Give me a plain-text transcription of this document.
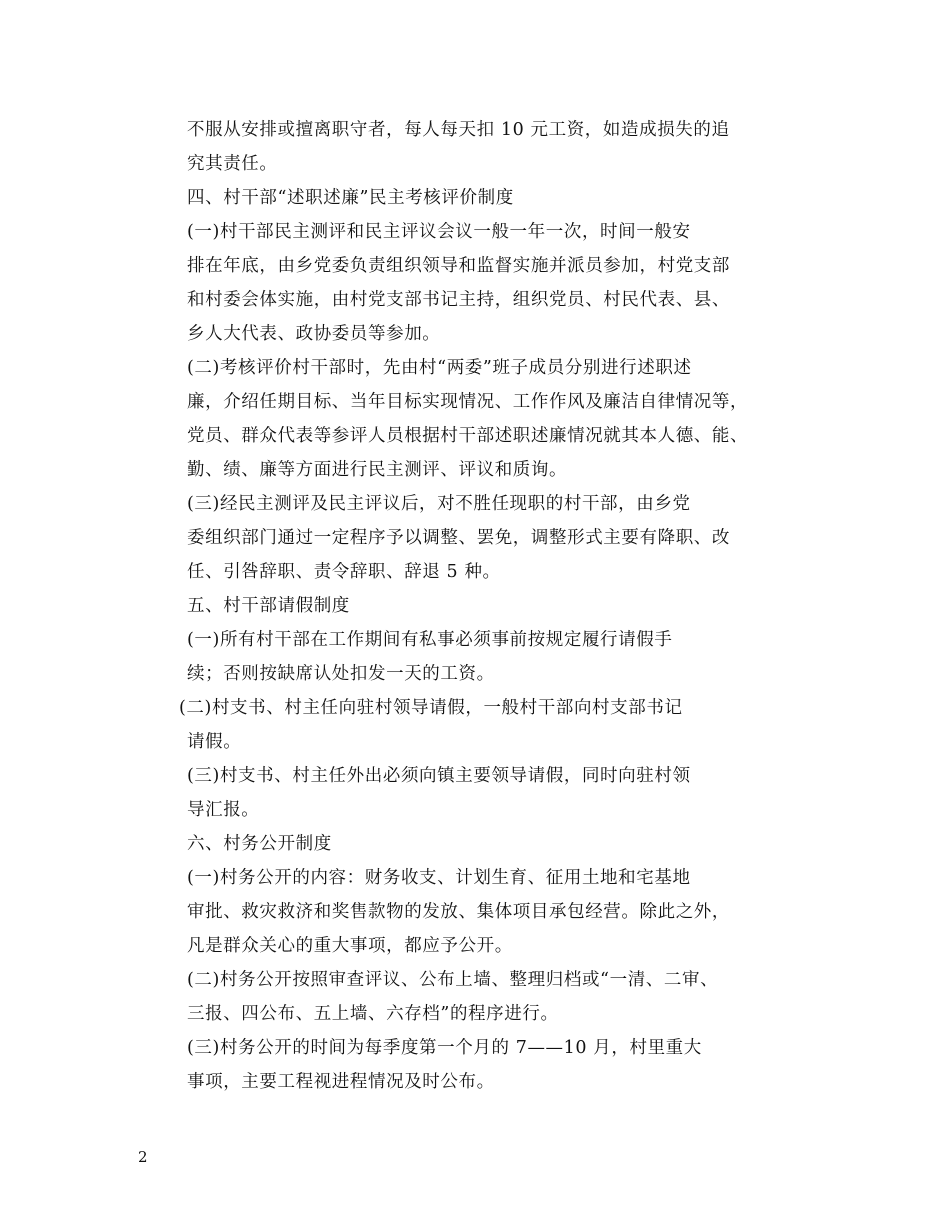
不服从安排或擅离职守者，每人每天扣 10 元工资，如造成损失的追
究其责任。
四、村干部“述职述廉”民主考核评价制度
(一)村干部民主测评和民主评议会议一般一年一次，时间一般安
排在年底，由乡党委负责组织领导和监督实施并派员参加，村党支部
和村委会体实施，由村党支部书记主持，组织党员、村民代表、县、
乡人大代表、政协委员等参加。
(二)考核评价村干部时，先由村“两委”班子成员分别进行述职述
廉，介绍任期目标、当年目标实现情况、工作作风及廉洁自律情况等，
党员、群众代表等参评人员根据村干部述职述廉情况就其本人德、能、
勤、绩、廉等方面进行民主测评、评议和质询。
(三)经民主测评及民主评议后，对不胜任现职的村干部，由乡党
委组织部门通过一定程序予以调整、罢免，调整形式主要有降职、改
任、引咎辞职、责令辞职、辞退 5 种。
五、村干部请假制度
(一)所有村干部在工作期间有私事必须事前按规定履行请假手
续；否则按缺席认处扣发一天的工资。
(二)村支书、村主任向驻村领导请假，一般村干部向村支部书记
请假。
(三)村支书、村主任外出必须向镇主要领导请假，同时向驻村领
导汇报。
六、村务公开制度
(一)村务公开的内容：财务收支、计划生育、征用土地和宅基地
审批、救灾救济和奖售款物的发放、集体项目承包经营。除此之外，
凡是群众关心的重大事项，都应予公开。
(二)村务公开按照审查评议、公布上墙、整理归档或“一清、二审、
三报、四公布、五上墙、六存档”的程序进行。
(三)村务公开的时间为每季度第一个月的 7——10 月，村里重大
事项，主要工程视进程情况及时公布。
2
